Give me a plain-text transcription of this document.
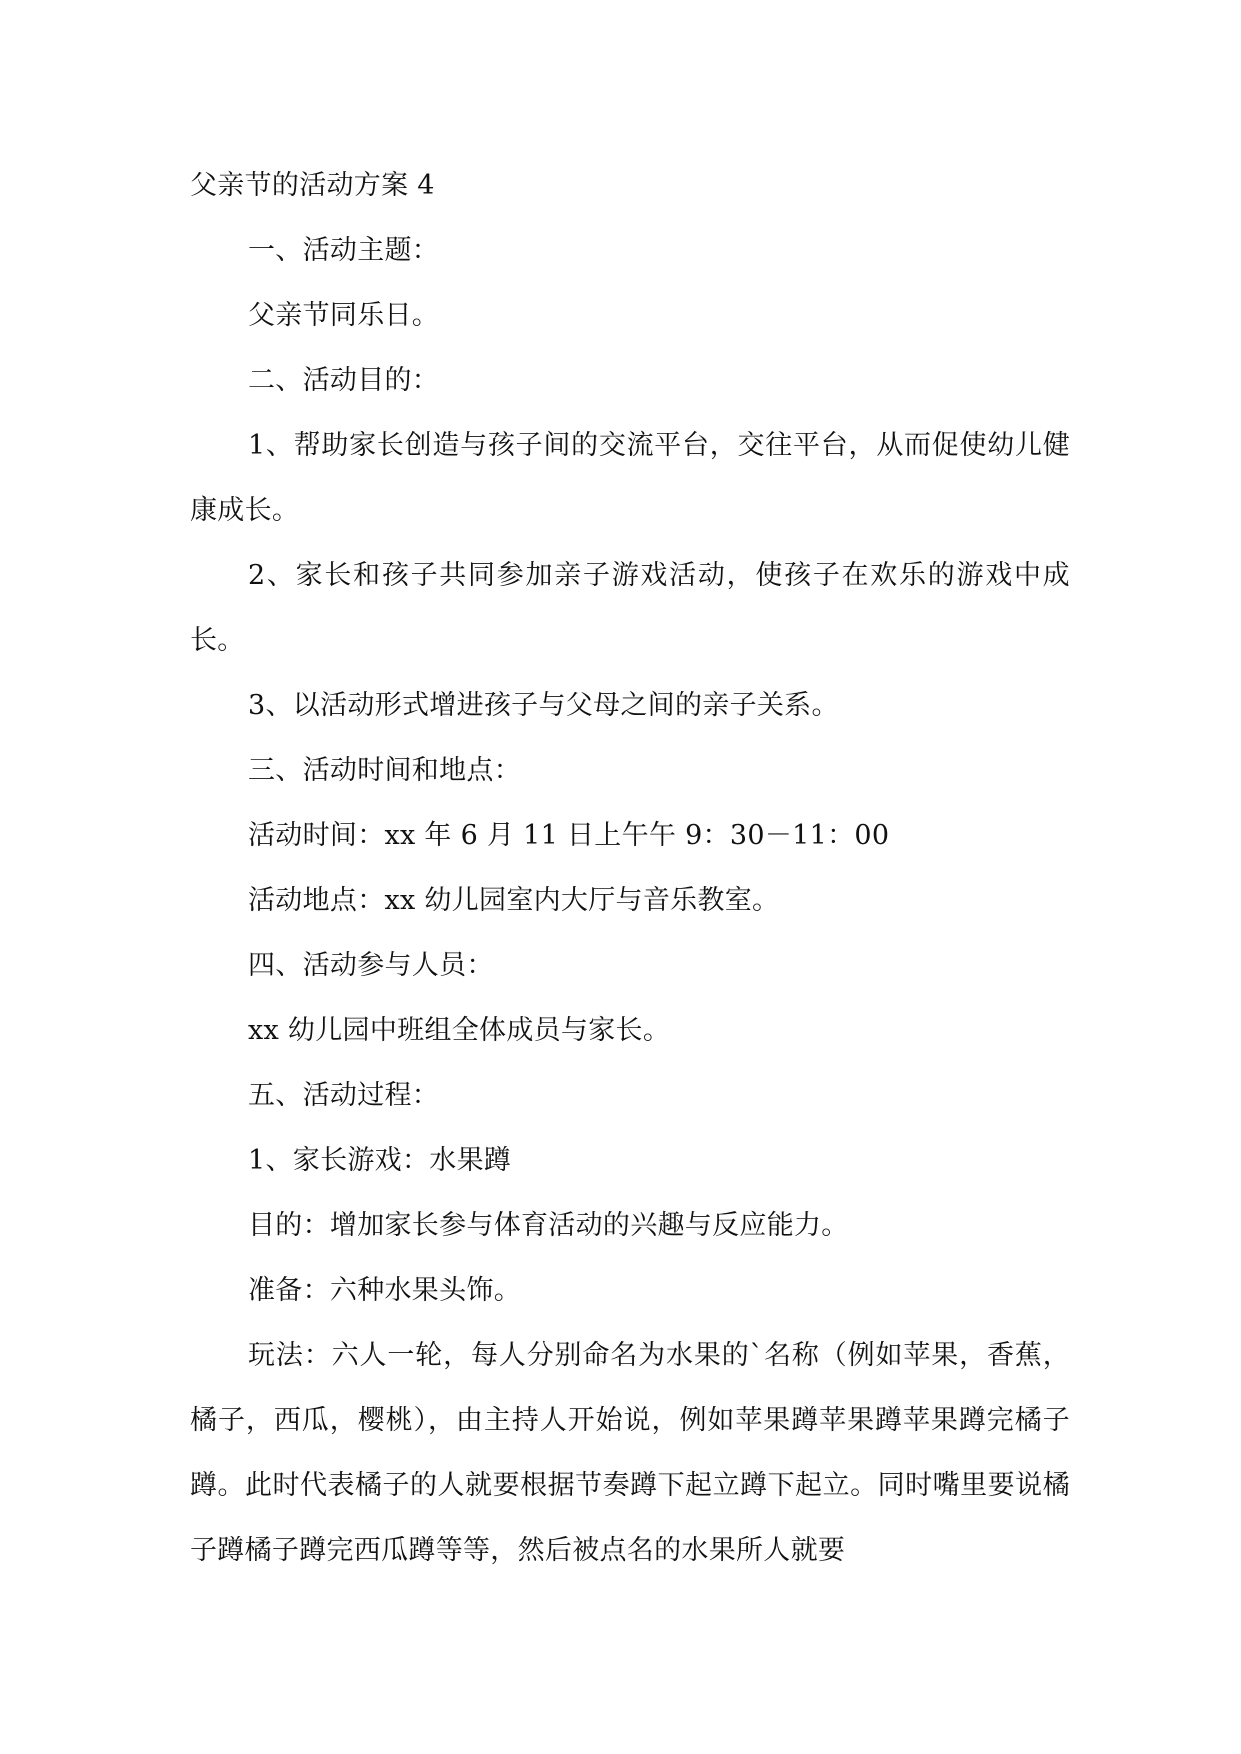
父亲节的活动方案 4
一、活动主题：
父亲节同乐日。
二、活动目的：
1、帮助家长创造与孩子间的交流平台，交往平台，从而促使幼儿健康成长。
2、家长和孩子共同参加亲子游戏活动，使孩子在欢乐的游戏中成长。
3、以活动形式增进孩子与父母之间的亲子关系。
三、活动时间和地点：
活动时间：xx 年 6 月 11 日上午午 9：30－11：00
活动地点：xx 幼儿园室内大厅与音乐教室。
四、活动参与人员：
xx 幼儿园中班组全体成员与家长。
五、活动过程：
1、家长游戏：水果蹲
目的：增加家长参与体育活动的兴趣与反应能力。
准备：六种水果头饰。
玩法：六人一轮，每人分别命名为水果的`名称（例如苹果，香蕉，橘子，西瓜，樱桃），由主持人开始说，例如苹果蹲苹果蹲苹果蹲完橘子蹲。此时代表橘子的人就要根据节奏蹲下起立蹲下起立。同时嘴里要说橘子蹲橘子蹲完西瓜蹲等等，然后被点名的水果所人就要
